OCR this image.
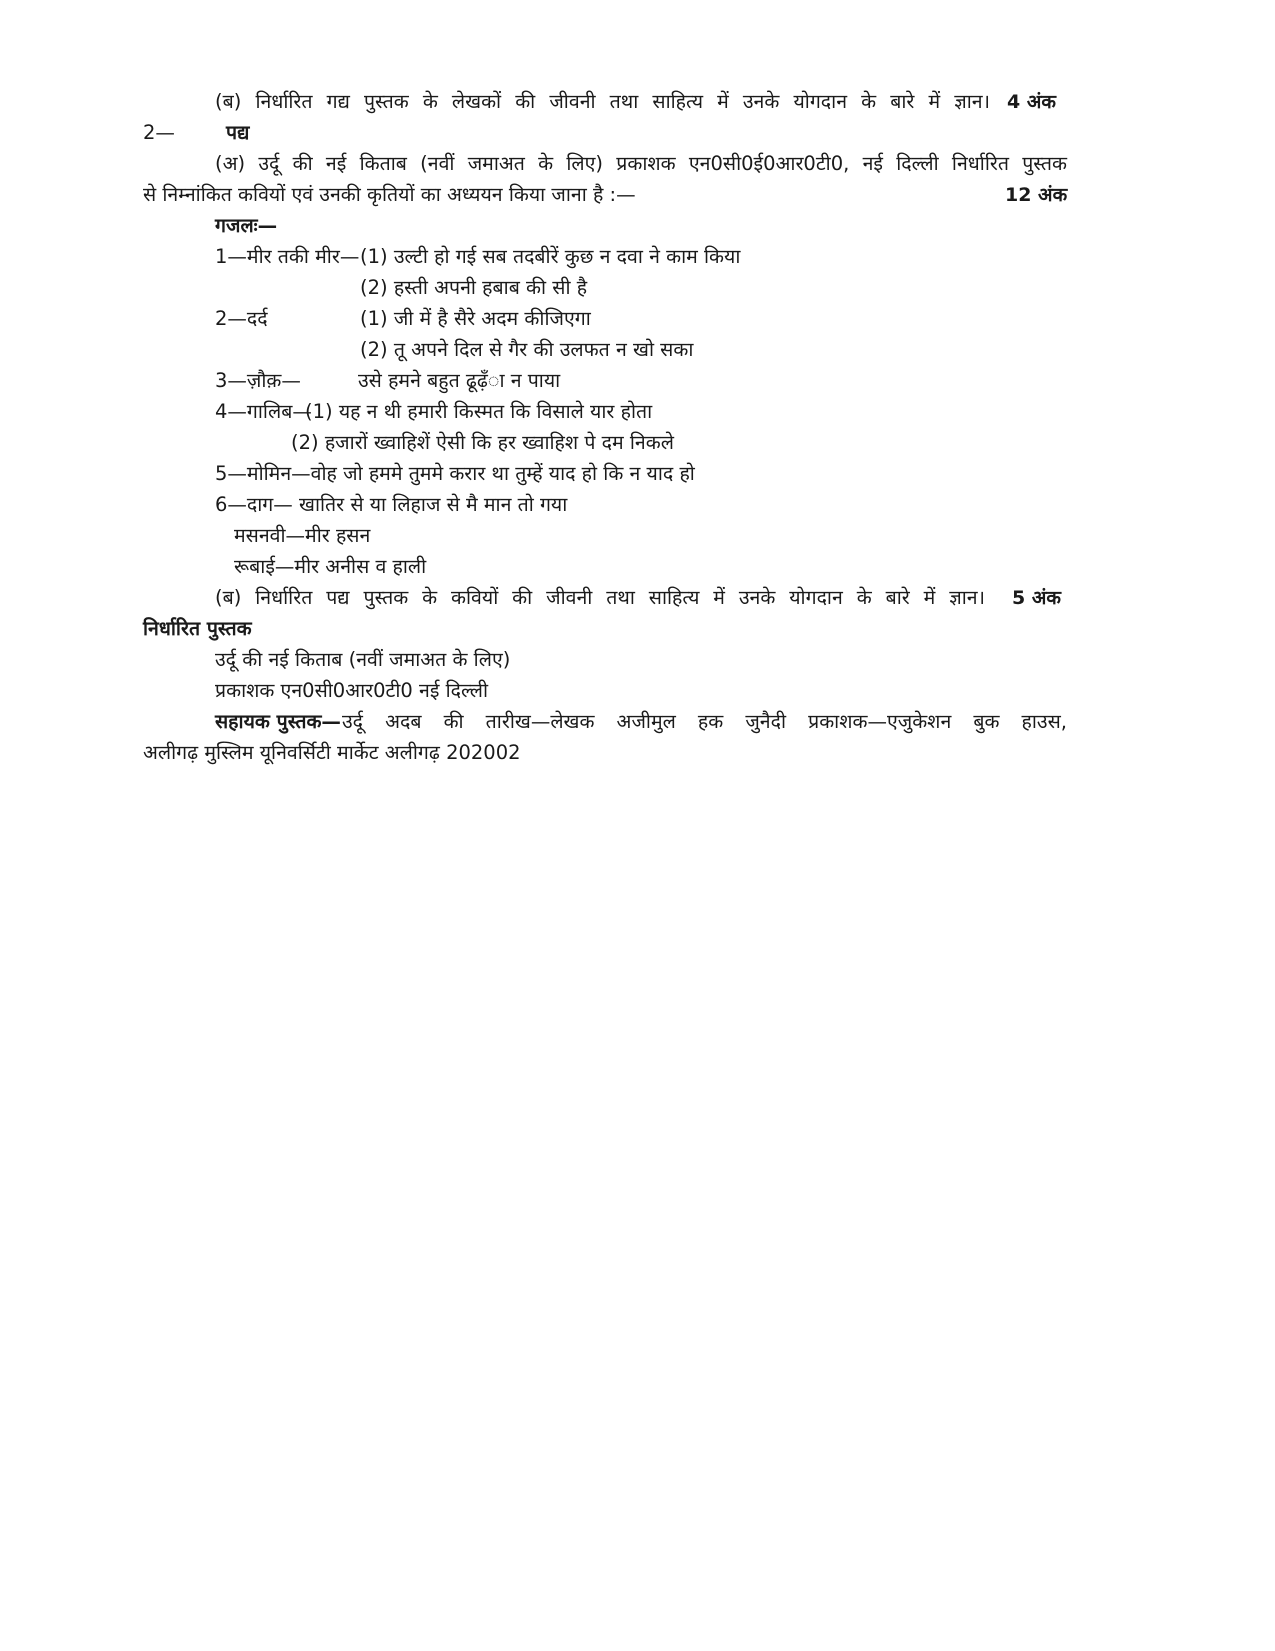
(ब) निर्धारित गद्य पुस्तक के लेखकों की जीवनी तथा साहित्य में उनके योगदान के बारे में ज्ञान। 4 अंक
2—	पद्य
(अ) उर्दू की नई किताब (नवीं जमाअत के लिए) प्रकाशक एन0सी0ई0आर0टी0, नई दिल्ली निर्धारित पुस्तक
से निम्नांकित कवियों एवं उनकी कृतियों का अध्ययन किया जाना है :—	12 अंक
गजलः—
1—मीर तकी मीर— (1) उल्टी हो गई सब तदबीरें कुछ न दवा ने काम किया
(2) हस्ती अपनी हबाब की सी है
2—दर्द	(1) जी में है सैरे अदम कीजिएगा
(2) तू अपने दिल से गैर की उलफत न खो सका
3—ज़ौक़—	उसे हमने बहुत ढूढ़ँा न पाया
4—गालिब—
(1) यह न थी हमारी किस्मत कि विसाले यार होता
(2) हजारों ख्वाहिशें ऐसी कि हर ख्वाहिश पे दम निकले
5—मोमिन—वोह जो हममे तुममे करार था तुम्हें याद हो कि न याद हो
6—दाग— खातिर से या लिहाज से मै मान तो गया
मसनवी—मीर हसन
रूबाई—मीर अनीस व हाली
(ब) निर्धारित पद्य पुस्तक के कवियों की जीवनी तथा साहित्य में उनके योगदान के बारे में ज्ञान। 5 अंक
निर्धारित पुस्तक
उर्दू की नई किताब (नवीं जमाअत के लिए)
प्रकाशक एन0सी0आर0टी0 नई दिल्ली
सहायक पुस्तक— उर्दू अदब की तारीख—लेखक अजीमुल हक जुनैदी प्रकाशक—एजुकेशन बुक हाउस,
अलीगढ़ मुस्लिम यूनिवर्सिटी मार्केट अलीगढ़ 202002
